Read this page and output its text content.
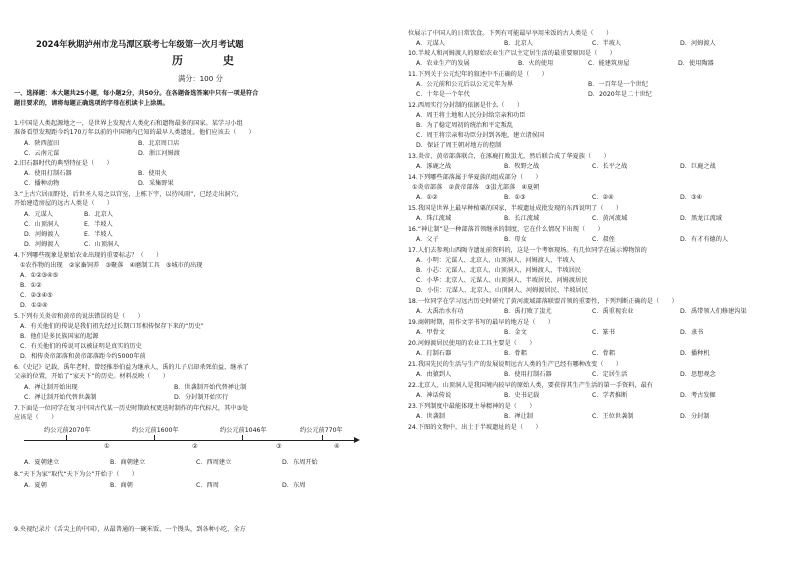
2024年秋期泸州市龙马潭区联考七年级第一次月考试题
历 史
满分：100 分
一、选择题：本大题共25小题，每小题2分，共50分。在各题备选答案中只有一项是符合
题目要求的，请将每题正确选项的字母在机读卡上涂黑。
1.中国是人类起源地之一，是世界上发现古人类化石和遗物最多的国家。某学习小组
准备看望发现距今约170万年以前的中国境内已知的最早人类遗址，他们应该去（　　）
A．陕西蓝田	B．北京周口店
C．云南元谋	D．浙江河姆渡
2.旧石器时代的典型特征是（　　）
A．使用打制石器	B．使用火
C．播种动物	D．采集野果
3.“上古穴居而野处，后世圣人易之以宫室，上栋下宇，以待风雨”，已经走出洞穴，
开始建造房屋的远古人类是（　　）
A．元谋人	B．北京人
C．山顶洞人	E．半坡人
D．河姆渡人	E．半坡人
D．河姆渡人	C．山顶洞人
4.下列哪些现象是原始农业出现的重要标志？（　　）
①农作物的出现　②家畜饲养　③聚落　④磨制工具　⑤城市的出现
A．①②③④⑤
B．①②
C．②③④⑤
D．①②④
5.下列有关炎帝和黄帝的说法错误的是（　　）
A．有关他们的传说是我们祖先经过长期口耳相传保存下来的“历史”
B．他们是多民族国家的起源
C．有关他们的传说可以被证明是真实的历史
D．相传炎帝部落和黄帝部落距今约5000年前
6.《史记》记载，禹年老时，曾经推举伯益为继承人，禹的儿子启却杀死伯益，继承了
父亲的位置，开始了“家天下”的历史。材料反映（　　）
A．禅让制开始出现	B．世袭制开始代替禅让制
C．禅让制开始代替世袭制	D．分封制开始实行
7.下面是一位同学在复习中国古代某一历史时期政权更迭时制作的年代标尺，其中③处
应该是（　　）
约公元前2070年	约公元前1600年	约公元前1046年	约公元前770年
①	②	③	④
A．夏朝建立	B．商朝建立	C．西周建立	D．东周开始
8.“天下为家”取代“天下为公”开始于（　　）
A．夏朝	B．商朝	C．西周	D．东周
9.央视纪录片《舌尖上的中国》，从最普通的一碗米饭、一个馒头，到各种小吃，全方
位展示了中国人的日常饮食。下列有可能最早享用米饭的古人类是（　　）
A．元谋人	B．北京人	C．半坡人	D．河姆渡人
10.半坡人和河姆渡人的原始农业生产以主定居生活的最重要原因是（　　）
A．农业生产的发展	B．火的使用	C．能建筑房屋	D．使用陶器
11.下列关于公元纪年的叙述中不正确的是（　　）
A．公元前和公元后以公元元年为界	B．一百年是一个世纪
C．十年是一个年代	D．2020年是二十世纪
12.西周实行分封制的依据是什么（　　）
A．周王将土地和人民分封给宗亲和功臣
B．为了稳定周初的统治和平定叛乱
C．周王将宗亲和功臣分封到各地，建立诸侯国
D．保证了周王朝对地方的控制
13.炎帝、黄帝部落联合，在涿鹿打败蚩尤，然后联合成了华夏族（　　）
A．涿鹿之战	B．牧野之战	C．长平之战	D．巨鹿之战
14.下列哪些部落属于华夏族的组成部分（　　）
①炎帝部落　②黄帝部落　③蚩尤部落　④夏朝
A．①②	B．①③	C．②④	D．③④
15.我国是世界上最早种植粟的国家，半坡遗址成批发现的东西说明了（　　）
A．珠江流域	B．长江流域	C．黄河流域	D．黑龙江流域
16.“神让制”是一种部落首领继承的制度，它在什么情况下出现（　　）
A．父子	B．母女	C．叔侄	D．有才有德的人
17.人们去参观山西陶寺遗址前资料的，这是一个考察现场。有几位同学在展示博物馆的
A．小明：元谋人、北京人、山顶洞人、河姆渡人、半坡人
B．小芯：元谋人、北京人、山顶洞人、河姆渡人、半坡居民
C．小华：北京人、元谋人、山顶洞人、半坡居民、河姆渡居民
D．小佳：元谋人、北京人、山顶洞人、河姆渡居民、半坡居民
18.一位同学在学习远古历史时研究了黄河流域部落联盟首领的重要性，下列判断正确的是（　　）
A．大禹治水有功	B．禹打败了蚩尤	C．禹重视农业	D．禹带领人们修建沟渠
19.商朝时期，用作文字书写的最早的地方是（　　）
A．甲骨文	B．金文	C．篆书	D．隶书
20.河姆渡居民使用的农业工具主要是（　　）
A．打制石器	B．骨耜	C．骨耜	D．播种机
21.我国先民的生活与生产的发展说明远古人类的生产已经有哪种改变（　　）
A．由猿到人	B．使用打制石器	C．定居生活	D．思想观念
22.北京人、山顶洞人是我国境内较早的原始人类，要获得其生产生活的第一手资料，最有
A．神话传说	B．史书记载	C．学者推断	D．考古发掘
23.下列制度中最能体现主导精神的是（　　）
A．世袭制	B．禅让制	C．王位世袭制	D．分封制
24.下图的文物中，出土于半坡遗址的是（　　）
